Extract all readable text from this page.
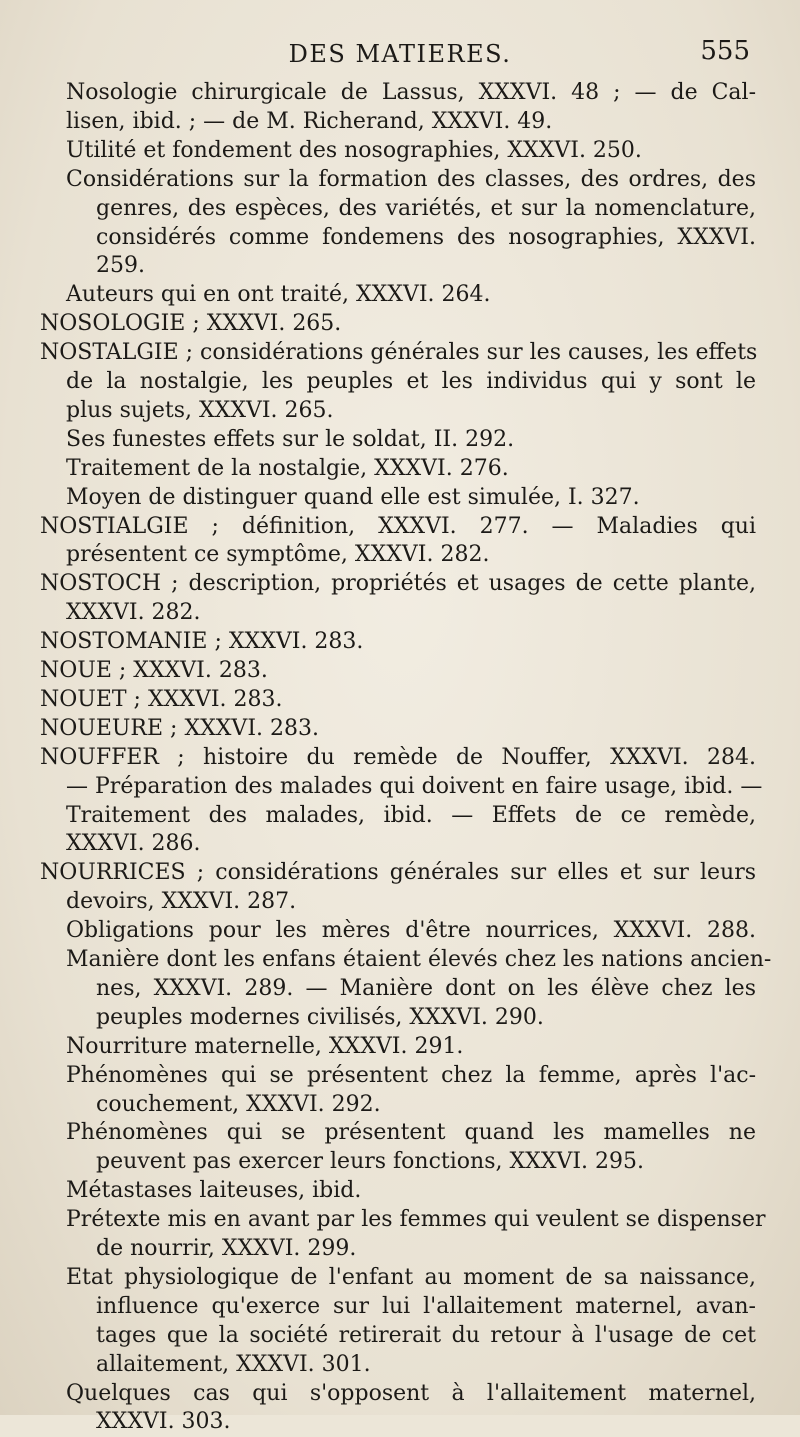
DES MATIERES.	555
Nosologie chirurgicale de Lassus, XXXVI. 48 ; — de Cal-
lisen, ibid. ; — de M. Richerand, XXXVI. 49.
Utilité et fondement des nosographies, XXXVI. 250.
Considérations sur la formation des classes, des ordres, des
genres, des espèces, des variétés, et sur la nomenclature,
considérés comme fondemens des nosographies, XXXVI.
259.
Auteurs qui en ont traité, XXXVI. 264.
NOSOLOGIE ; XXXVI. 265.
NOSTALGIE ; considérations générales sur les causes, les effets
de la nostalgie, les peuples et les individus qui y sont le
plus sujets, XXXVI. 265.
Ses funestes effets sur le soldat, II. 292.
Traitement de la nostalgie, XXXVI. 276.
Moyen de distinguer quand elle est simulée, I. 327.
NOSTIALGIE ; définition, XXXVI. 277. — Maladies qui
présentent ce symptôme, XXXVI. 282.
NOSTOCH ; description, propriétés et usages de cette plante,
XXXVI. 282.
NOSTOMANIE ; XXXVI. 283.
NOUE ; XXXVI. 283.
NOUET ; XXXVI. 283.
NOUEURE ; XXXVI. 283.
NOUFFER ; histoire du remède de Nouffer, XXXVI. 284.
— Préparation des malades qui doivent en faire usage, ibid. —
Traitement des malades, ibid. — Effets de ce remède,
XXXVI. 286.
NOURRICES ; considérations générales sur elles et sur leurs
devoirs, XXXVI. 287.
Obligations pour les mères d'être nourrices, XXXVI. 288.
Manière dont les enfans étaient élevés chez les nations ancien-
nes, XXXVI. 289. — Manière dont on les élève chez les
peuples modernes civilisés, XXXVI. 290.
Nourriture maternelle, XXXVI. 291.
Phénomènes qui se présentent chez la femme, après l'ac-
couchement, XXXVI. 292.
Phénomènes qui se présentent quand les mamelles ne
peuvent pas exercer leurs fonctions, XXXVI. 295.
Métastases laiteuses, ibid.
Prétexte mis en avant par les femmes qui veulent se dispenser
de nourrir, XXXVI. 299.
Etat physiologique de l'enfant au moment de sa naissance,
influence qu'exerce sur lui l'allaitement maternel, avan-
tages que la société retirerait du retour à l'usage de cet
allaitement, XXXVI. 301.
Quelques cas qui s'opposent à l'allaitement maternel,
XXXVI. 303.
